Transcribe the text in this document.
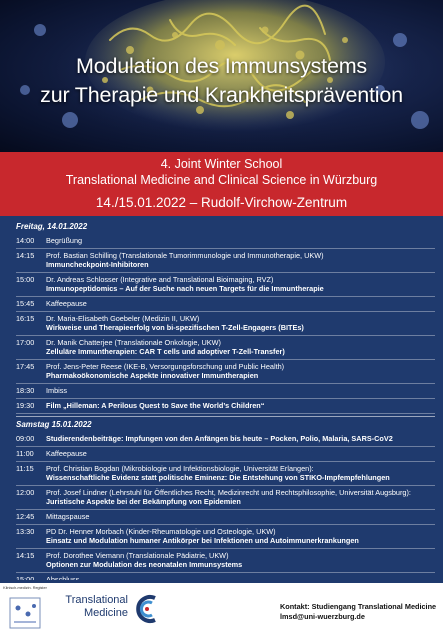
Modulation des Immunsystems
zur Therapie und Krankheitsprävention
4. Joint Winter School
Translational Medicine and Clinical Science in Würzburg
14./15.01.2022 – Rudolf-Virchow-Zentrum
Freitag, 14.01.2022
14:00	Begrüßung
14:15	Prof. Bastian Schilling (Translationale Tumorimmunologie und Immunotherapie, UKW)
Immuncheckpoint-Inhibitoren
15:00	Dr. Andreas Schlosser (Integrative and Translational Bioimaging, RVZ)
Immunopeptidomics – Auf der Suche nach neuen Targets für die Immuntherapie
15:45	Kaffeepause
16:15	Dr. Maria-Elisabeth Goebeler (Medizin II, UKW)
Wirkweise und Therapieerfolg von bi-spezifischen T-Zell-Engagers (BITEs)
17:00	Dr. Manik Chatterjee (Translationale Onkologie, UKW)
Zelluläre Immuntherapien: CAR T cells und adoptiver T-Zell-Transfer)
17:45	Prof. Jens-Peter Reese (IKE-B, Versorgungsforschung und Public Health)
Pharmakoökonomische Aspekte innovativer Immuntherapien
18:30	Imbiss
19:30	Film „Hilleman: A Perilous Quest to Save the World’s Children“
Samstag 15.01.2022
09:00	Studierendenbeiträge: Impfungen von den Anfängen bis heute – Pocken, Polio, Malaria, SARS-CoV2
11:00	Kaffeepause
11:15	Prof. Christian Bogdan (Mikrobiologie und Infektionsbiologie, Universität Erlangen):
Wissenschaftliche Evidenz statt politische Eminenz: Die Entstehung von STIKO-Impfempfehlungen
12:00	Prof. Josef Lindner (Lehrstuhl für Öffentliches Recht, Medizinrecht und Rechtsphilosophie, Universität Augsburg):
Juristische Aspekte bei der Bekämpfung von Epidemien
12:45	Mittagspause
13:30	PD Dr. Henner Morbach (Kinder-Rheumatologie und Osteologie, UKW)
Einsatz und Modulation humaner Antikörper bei Infektionen und Autoimmunerkrankungen
14:15	Prof. Dorothee Viemann (Translationale Pädiatrie, UKW)
Optionen zur Modulation des neonatalen Immunsystems
Klinisch-medizin. Register
Translational
Medicine
Kontakt: Studiengang Translational Medicine
lmsd@uni-wuerzburg.de
